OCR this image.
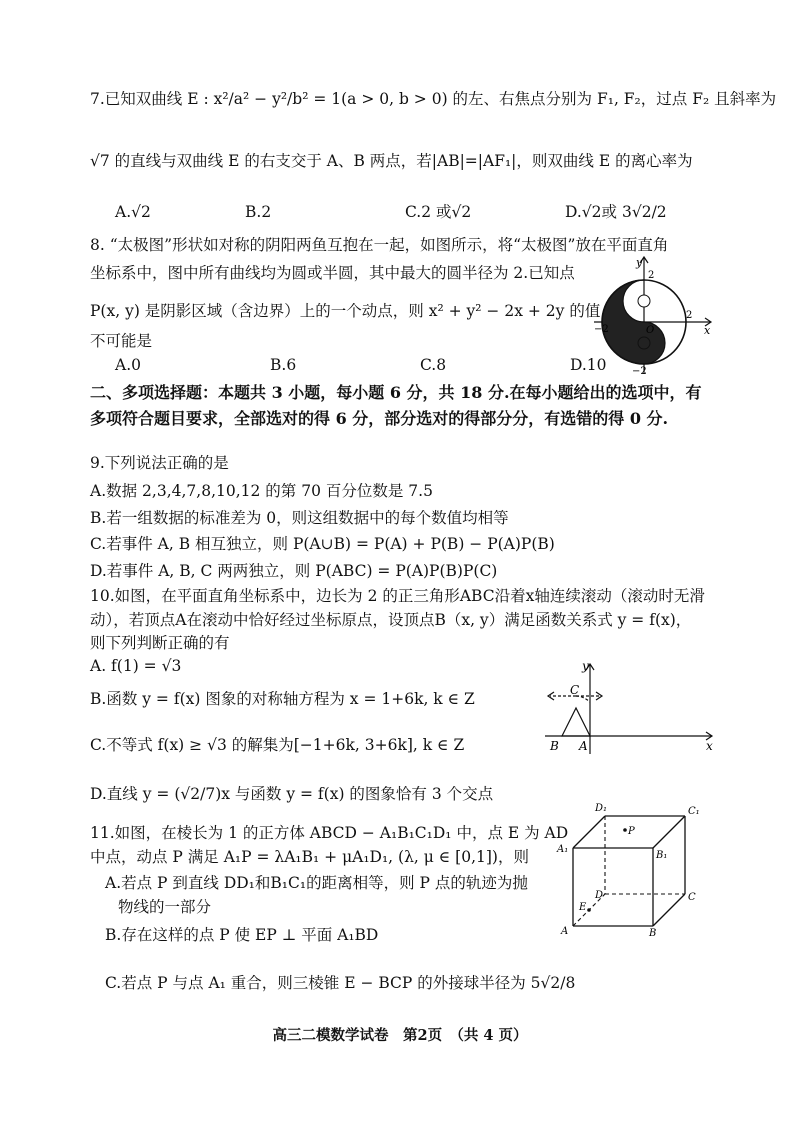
7.已知双曲线 E : x²/a² − y²/b² = 1(a > 0, b > 0) 的左、右焦点分别为 F₁, F₂，过点 F₂ 且斜率为
√7 的直线与双曲线 E 的右支交于 A、B 两点，若|AB|=|AF₁|，则双曲线 E 的离心率为
A.√2	B.2	C.2 或√2	D.√2或 3√2/2
8. “太极图”形状如对称的阴阳两鱼互抱在一起，如图所示，将“太极图”放在平面直角
坐标系中，图中所有曲线均为圆或半圆，其中最大的圆半径为 2.已知点
P(x, y) 是阴影区域（含边界）上的一个动点，则 x² + y² − 2x + 2y 的值
不可能是
A.0	B.6	C.8	D.10
y
x
2
−2
2
−2
O
二、多项选择题：本题共 3 小题，每小题 6 分，共 18 分.在每小题给出的选项中，有多项符合题目要求，全部选对的得 6 分，部分选对的得部分分，有选错的得 0 分.
9.下列说法正确的是
A.数据 2,3,4,7,8,10,12 的第 70 百分位数是 7.5
B.若一组数据的标准差为 0，则这组数据中的每个数值均相等
C.若事件 A, B 相互独立，则 P(A∪B) = P(A) + P(B) − P(A)P(B)
D.若事件 A, B, C 两两独立，则 P(ABC) = P(A)P(B)P(C)
10.如图，在平面直角坐标系中，边长为 2 的正三角形ABC沿着x轴连续滚动（滚动时无滑
动），若顶点A在滚动中恰好经过坐标原点，设顶点B（x, y）满足函数关系式 y = f(x)，
则下列判断正确的有
A. f(1) = √3
B.函数 y = f(x) 图象的对称轴方程为 x = 1+6k, k ∈ Z
C.不等式 f(x) ≥ √3 的解集为[−1+6k, 3+6k], k ∈ Z
D.直线 y = (√2/7)x 与函数 y = f(x) 的图象恰有 3 个交点
y
x
B A
C
11.如图，在棱长为 1 的正方体 ABCD − A₁B₁C₁D₁ 中，点 E 为 AD
中点，动点 P 满足 A₁P = λA₁B₁ + μA₁D₁, (λ, μ ∈ [0,1])，则
A.若点 P 到直线 DD₁和B₁C₁的距离相等，则 P 点的轨迹为抛
物线的一部分
B.存在这样的点 P 使 EP ⊥ 平面 A₁BD
C.若点 P 与点 A₁ 重合，则三棱锥 E − BCP 的外接球半径为 5√2/8
D₁	C₁
A₁
B₁
P
D	C
E
A	B
高三二模数学试卷　第2页　（共 4 页）
